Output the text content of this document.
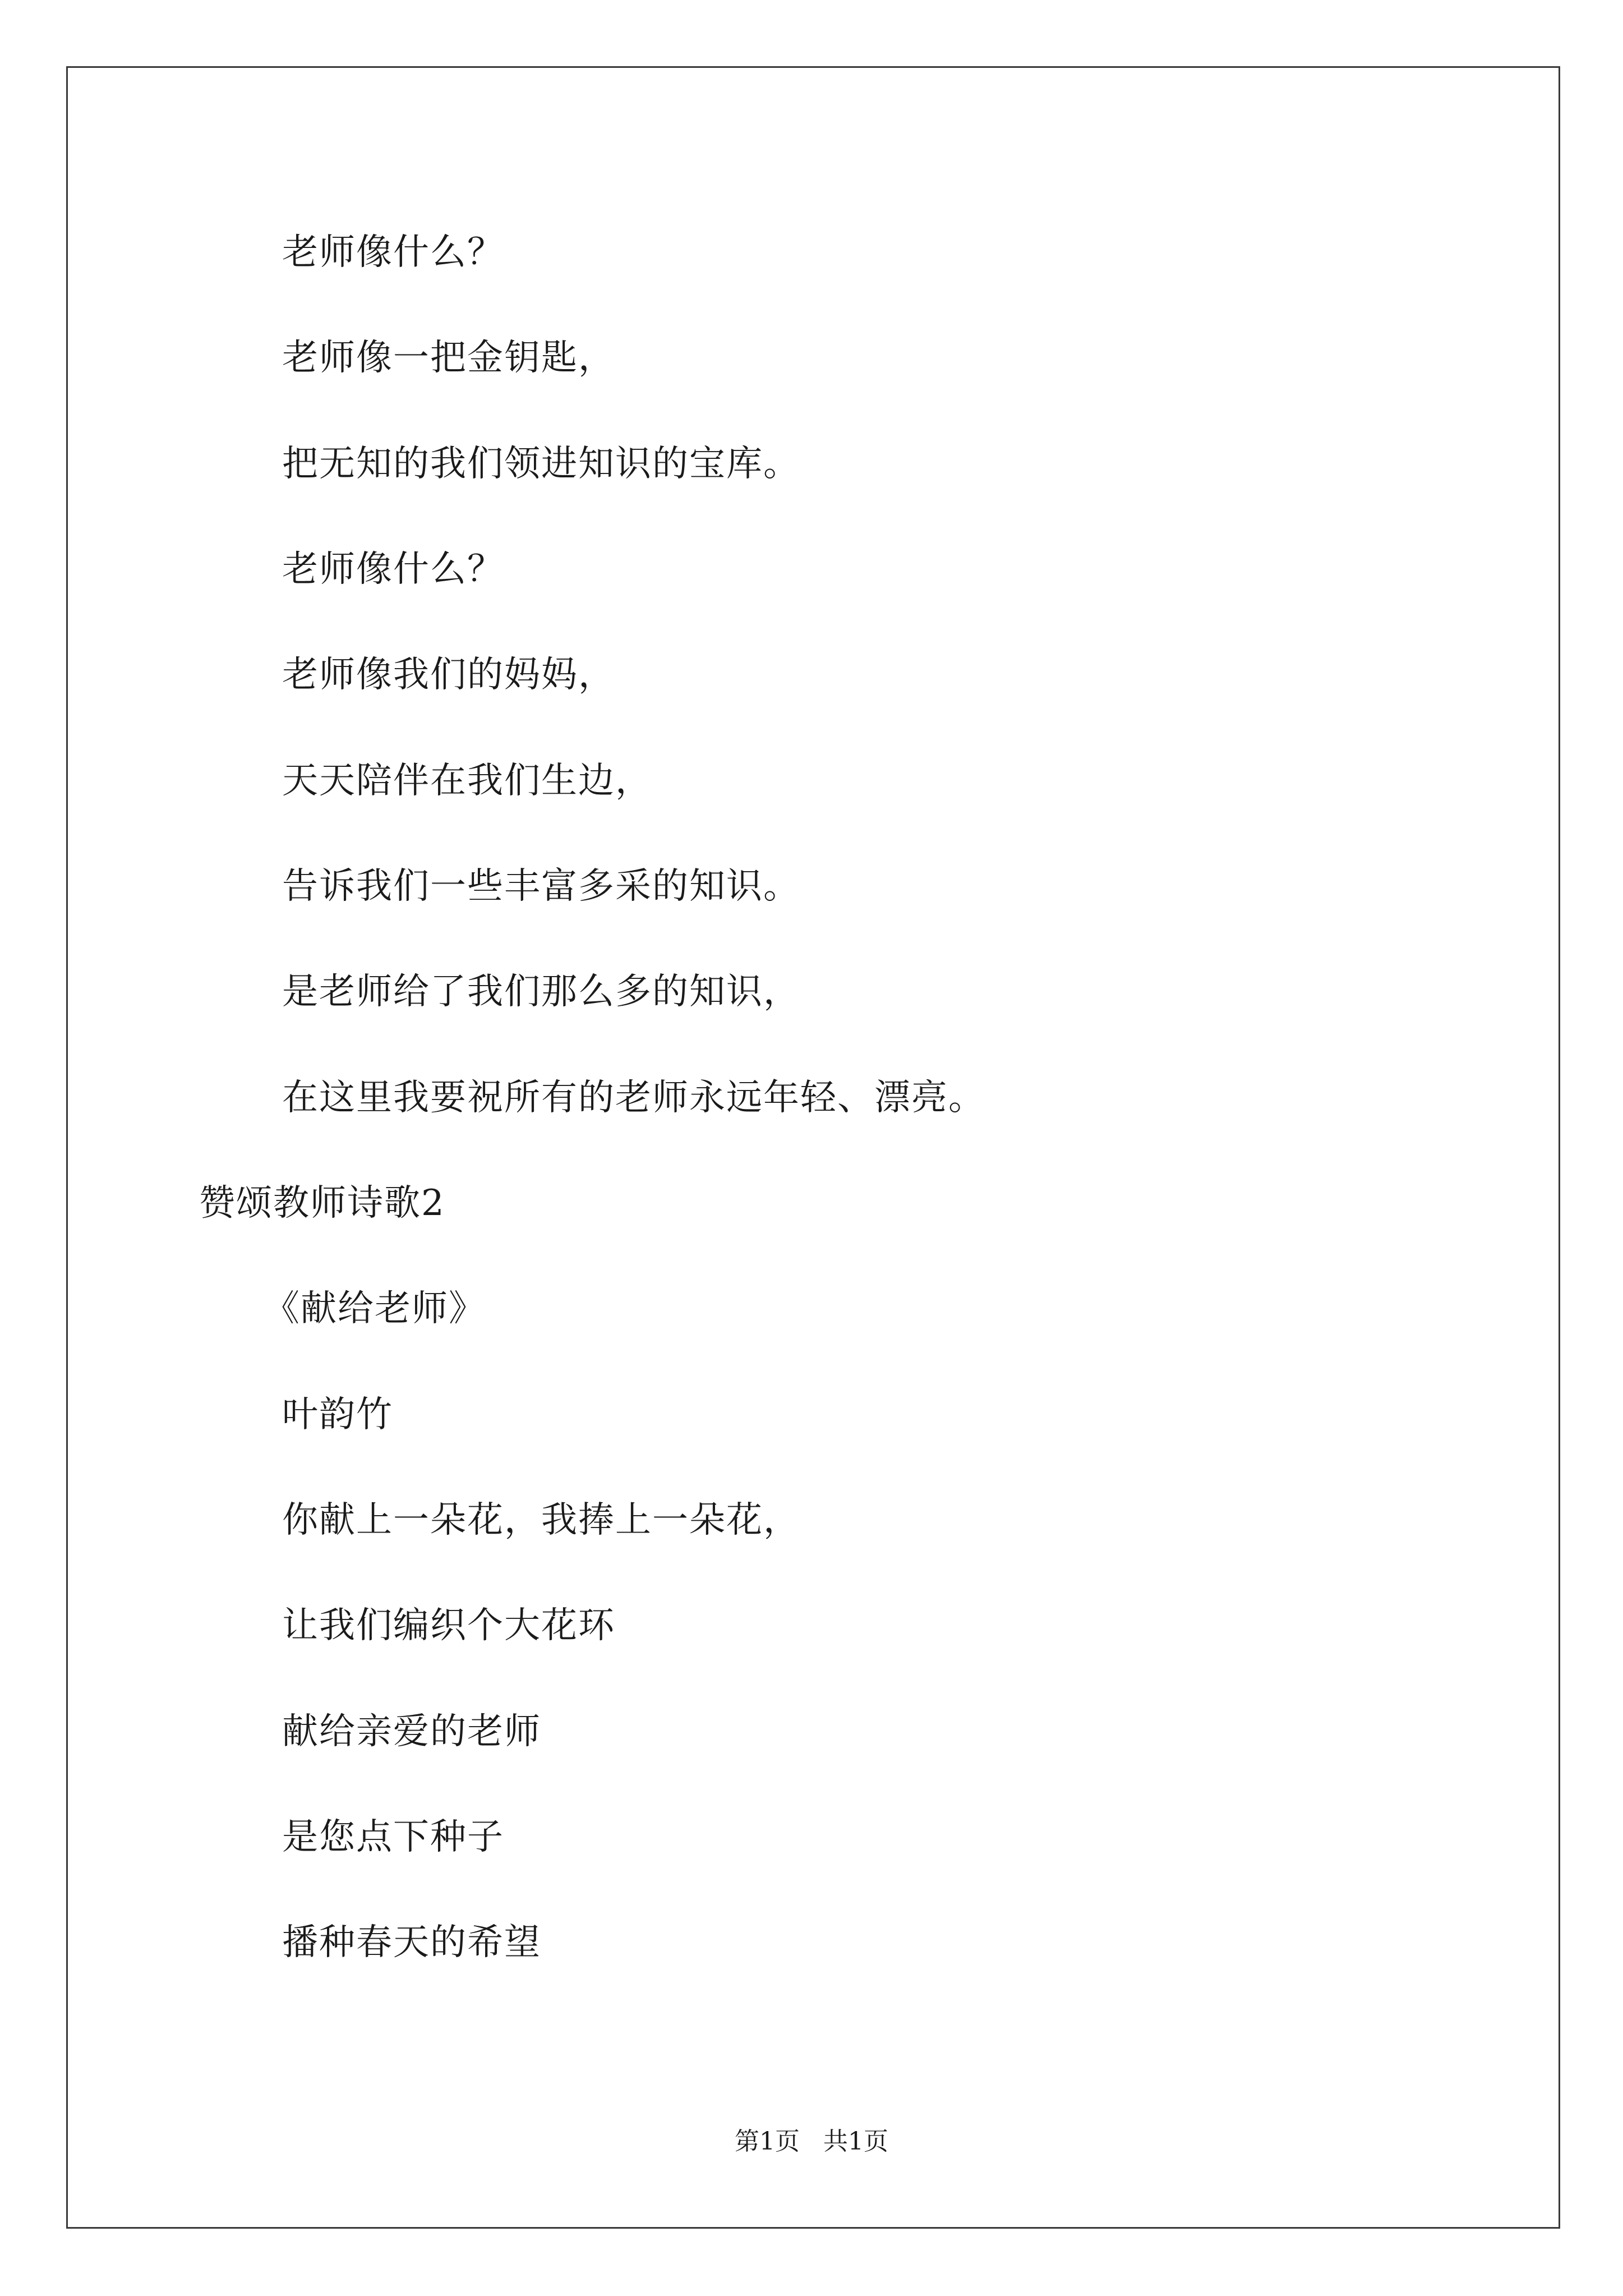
老师像什么？
老师像一把金钥匙，
把无知的我们领进知识的宝库。
老师像什么？
老师像我们的妈妈，
天天陪伴在我们生边，
告诉我们一些丰富多采的知识。
是老师给了我们那么多的知识，
在这里我要祝所有的老师永远年轻、漂亮。
赞颂教师诗歌2
《献给老师》
叶韵竹
你献上一朵花，我捧上一朵花，
让我们编织个大花环
献给亲爱的老师
是您点下种子
播种春天的希望
第1页   共1页
